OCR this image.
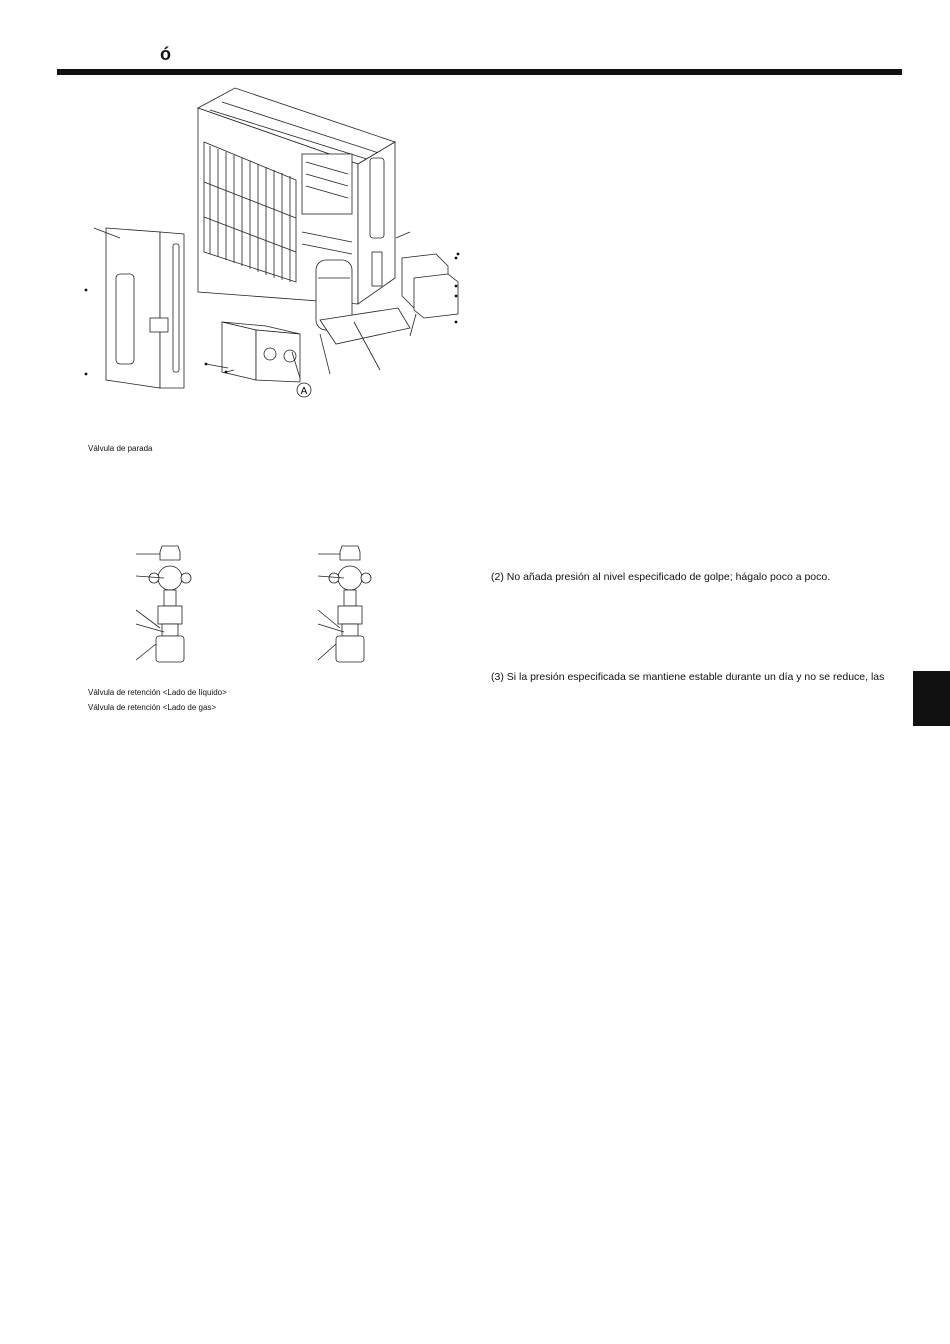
ó
A
Válvula de parada
Válvula de retención <Lado de líquido>
Válvula de retención <Lado de gas>
(2) No añada presión al nivel especificado de golpe; hágalo poco a poco.
(3) Si la presión especificada se mantiene estable durante un día y no se reduce, las
